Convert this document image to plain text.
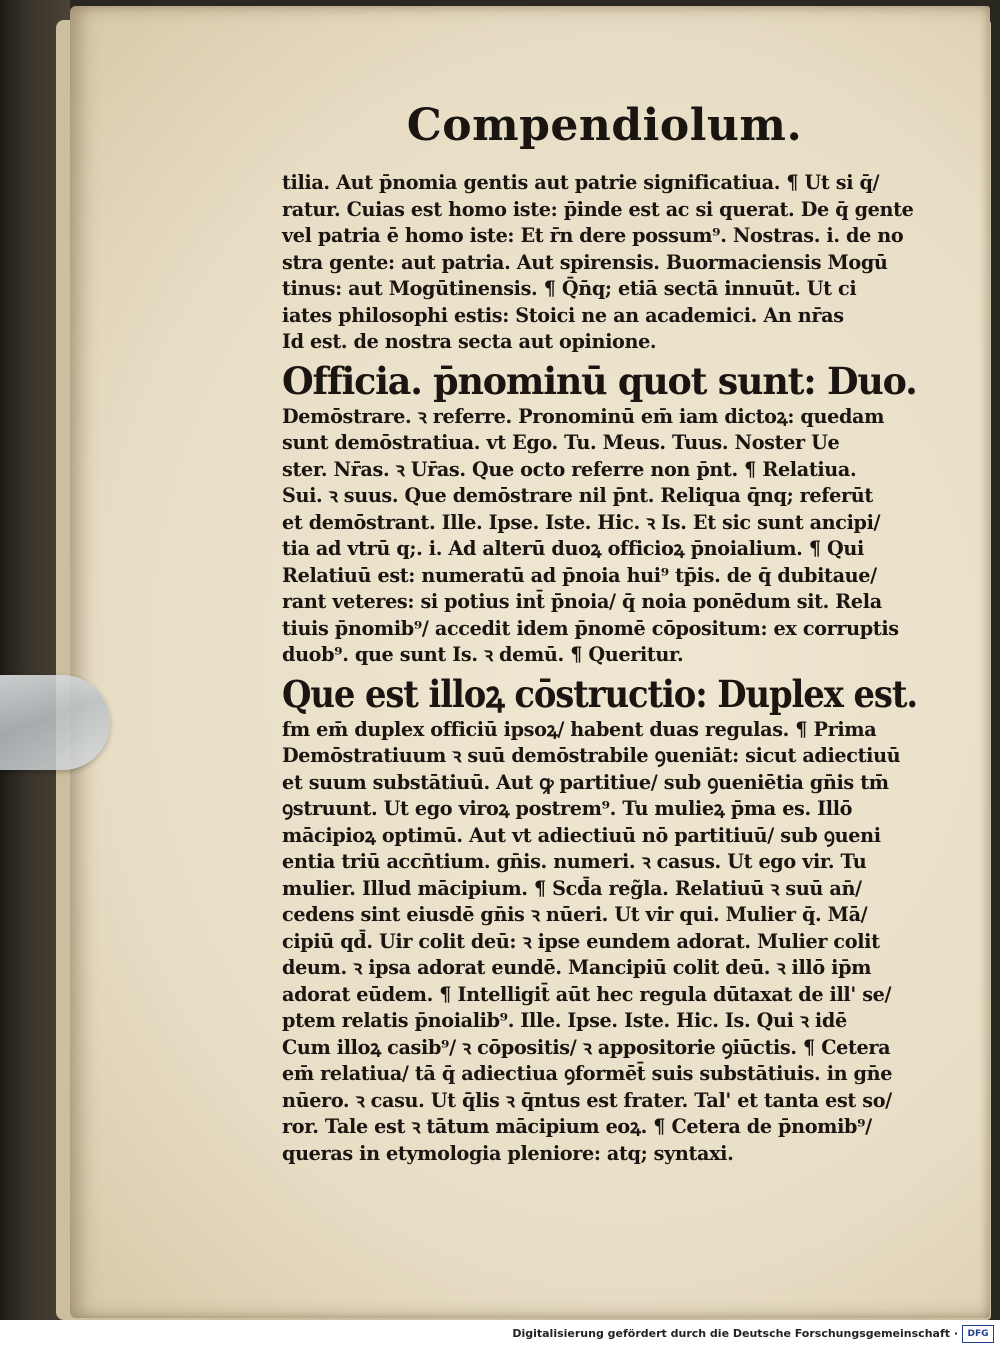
Compendiolum.
tilia. Aut p̄nomia gentis aut patrie significatiua. ¶ Ut si q̄/
ratur. Cuias est homo iste: p̄inde est ac si querat. De q̄ gente
vel patria ē homo iste: Et r̄n dere possum⁹. Nostras. i. de no
stra gente: aut patria. Aut spirensis. Buormaciensis Mogū
tinus: aut Mogūtinensis. ¶ Q̄n̄q; etiā sectā innuūt. Ut ci
iates philosophi estis: Stoici ne an academici. An nr̄as
Id est. de nostra secta aut opinione.
Officia. p̄nominū quot sunt: Duo.
Demōstrare. ꝛ referre. Pronominū em̄ iam dictoꝝ: quedam
sunt demōstratiua. vt Ego. Tu. Meus. Tuus. Noster Ue
ster. Nr̄as. ꝛ Ur̄as. Que octo referre non p̄nt. ¶ Relatiua.
Sui. ꝛ suus. Que demōstrare nil p̄nt. Reliqua q̄nq; referūt
et demōstrant. Ille. Ipse. Iste. Hic. ꝛ Is. Et sic sunt ancipi/
tia ad vtrū q;. i. Ad alterū duoꝝ officioꝝ p̄noialium. ¶ Qui
Relatiuū est: numeratū ad p̄noia hui⁹ tp̄is. de q̄ dubitaue/
rant veteres: si potius int̄ p̄noia/ q̄ noia ponēdum sit. Rela
tiuis p̄nomib⁹/ accedit idem p̄nomē cōpositum: ex corruptis
duob⁹. que sunt Is. ꝛ demū. ¶ Queritur.
Que est illoꝝ cōstructio: Duplex est.
fm em̄ duplex officiū ipsoꝝ/ habent duas regulas. ¶ Prima
Demōstratiuum ꝛ suū demōstrabile ꝯueniāt: sicut adiectiuū
et suum substātiuū. Aut ꝙ partitiue/ sub ꝯueniētia gn̄is tm̄
ꝯstruunt. Ut ego viroꝝ postrem⁹. Tu mulieꝝ p̄ma es. Illō
mācipioꝝ optimū. Aut vt adiectiuū nō partitiuū/ sub ꝯueni
entia triū accn̄tium. gn̄is. numeri. ꝛ casus. Ut ego vir. Tu
mulier. Illud mācipium. ¶ Scd̄a reg̃la. Relatiuū ꝛ suū an̄/
cedens sint eiusdē gn̄is ꝛ nūeri. Ut vir qui. Mulier q̄. Mā/
cipiū qd̄. Uir colit deū: ꝛ ipse eundem adorat. Mulier colit
deum. ꝛ ipsa adorat eundē. Mancipiū colit deū. ꝛ illō ip̄m
adorat eūdem. ¶ Intelligit̄ aūt hec regula dūtaxat de ill' se/
ptem relatis p̄noialib⁹. Ille. Ipse. Iste. Hic. Is. Qui ꝛ idē
Cum illoꝝ casib⁹/ ꝛ cōpositis/ ꝛ appositorie ꝯiūctis. ¶ Cetera
em̄ relatiua/ tā q̄ adiectiua ꝯformēt̄ suis substātiuis. in gn̄e
nūero. ꝛ casu. Ut q̄lis ꝛ q̄ntus est frater. Tal' et tanta est so/
ror. Tale est ꝛ tātum mācipium eoꝝ. ¶ Cetera de p̄nomib⁹/
queras in etymologia pleniore: atq; syntaxi.
Digitalisierung gefördert durch die Deutsche Forschungsgemeinschaft ·	DFG
